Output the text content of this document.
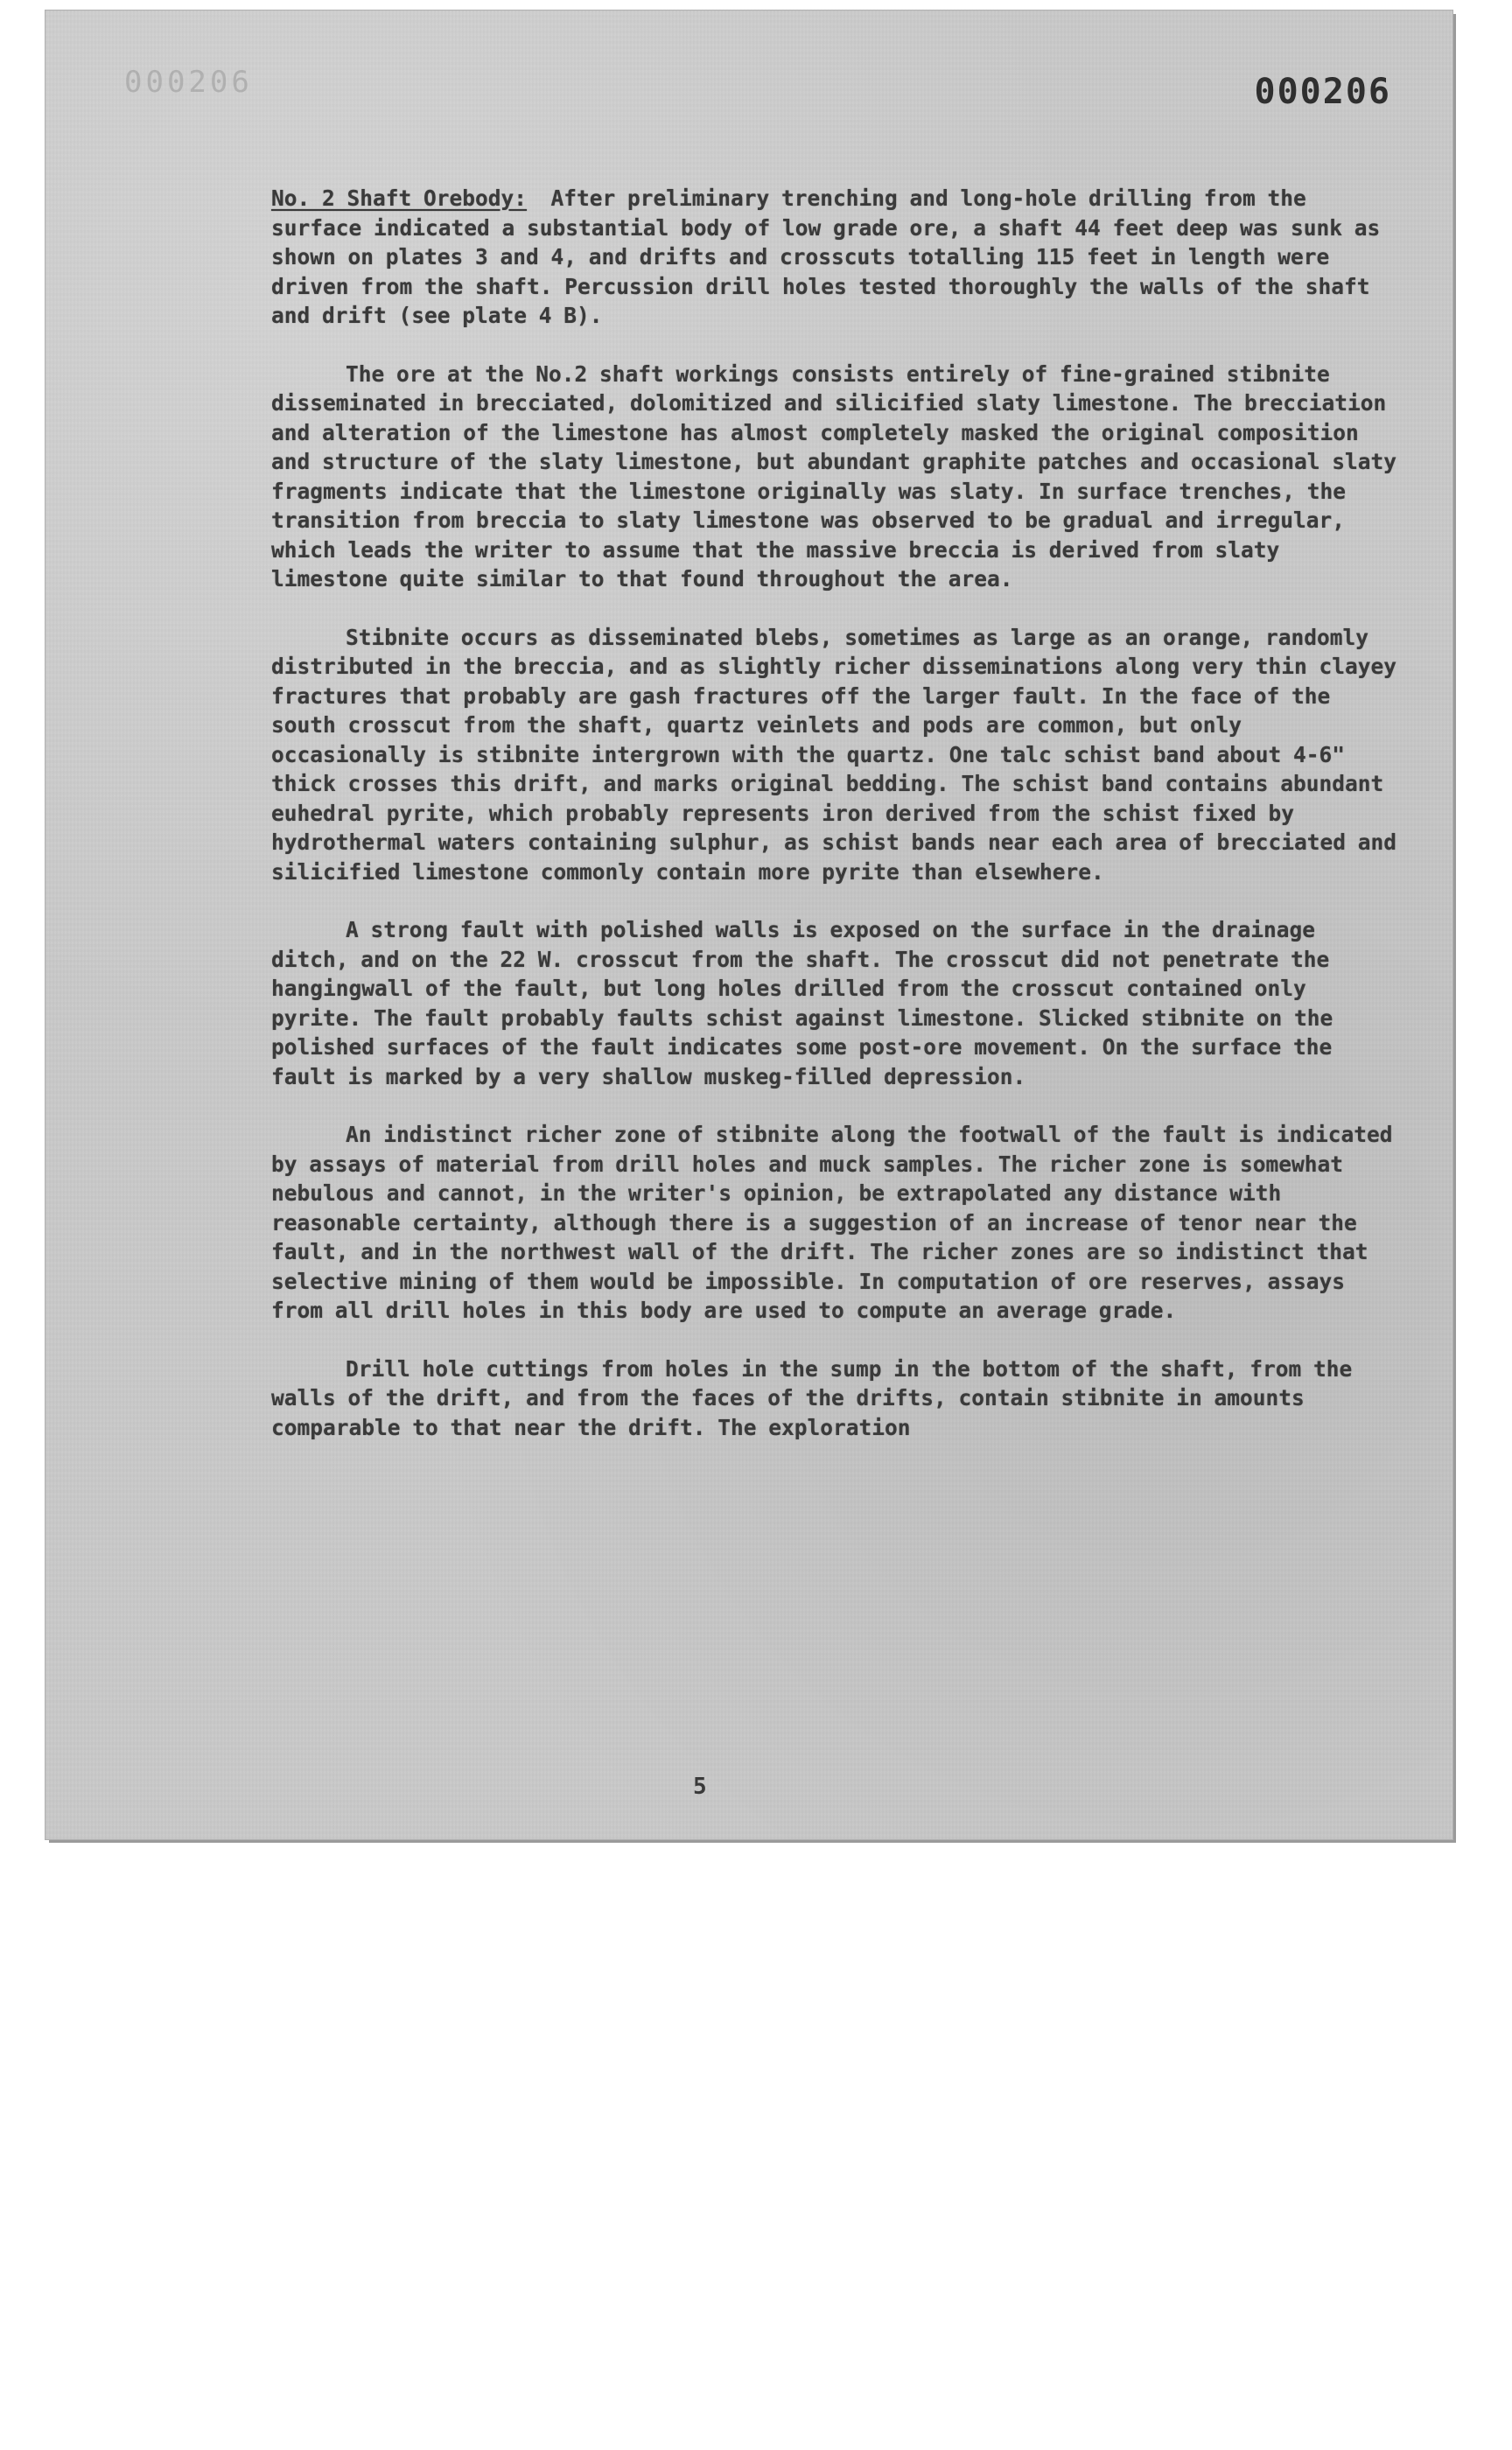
000206	000206

No. 2 Shaft Orebody: After preliminary trenching and long-hole drilling from the surface indicated a substantial body of low grade ore, a shaft 44 feet deep was sunk as shown on plates 3 and 4, and drifts and crosscuts totalling 115 feet in length were driven from the shaft. Percussion drill holes tested thoroughly the walls of the shaft and drift (see plate 4 B).

The ore at the No.2 shaft workings consists entirely of fine-grained stibnite disseminated in brecciated, dolomitized and silicified slaty limestone. The brecciation and alteration of the limestone has almost completely masked the original composition and structure of the slaty limestone, but abundant graphite patches and occasional slaty fragments indicate that the limestone originally was slaty. In surface trenches, the transition from breccia to slaty limestone was observed to be gradual and irregular, which leads the writer to assume that the massive breccia is derived from slaty limestone quite similar to that found throughout the area.

Stibnite occurs as disseminated blebs, sometimes as large as an orange, randomly distributed in the breccia, and as slightly richer disseminations along very thin clayey fractures that probably are gash fractures off the larger fault. In the face of the south crosscut from the shaft, quartz veinlets and pods are common, but only occasionally is stibnite intergrown with the quartz. One talc schist band about 4-6" thick crosses this drift, and marks original bedding. The schist band contains abundant euhedral pyrite, which probably represents iron derived from the schist fixed by hydrothermal waters containing sulphur, as schist bands near each area of brecciated and silicified limestone commonly contain more pyrite than elsewhere.

A strong fault with polished walls is exposed on the surface in the drainage ditch, and on the 22 W. crosscut from the shaft. The crosscut did not penetrate the hangingwall of the fault, but long holes drilled from the crosscut contained only pyrite. The fault probably faults schist against limestone. Slicked stibnite on the polished surfaces of the fault indicates some post-ore movement. On the surface the fault is marked by a very shallow muskeg-filled depression.

An indistinct richer zone of stibnite along the footwall of the fault is indicated by assays of material from drill holes and muck samples. The richer zone is somewhat nebulous and cannot, in the writer's opinion, be extrapolated any distance with reasonable certainty, although there is a suggestion of an increase of tenor near the fault, and in the northwest wall of the drift. The richer zones are so indistinct that selective mining of them would be impossible. In computation of ore reserves, assays from all drill holes in this body are used to compute an average grade.

Drill hole cuttings from holes in the sump in the bottom of the shaft, from the walls of the drift, and from the faces of the drifts, contain stibnite in amounts comparable to that near the drift. The exploration

5
